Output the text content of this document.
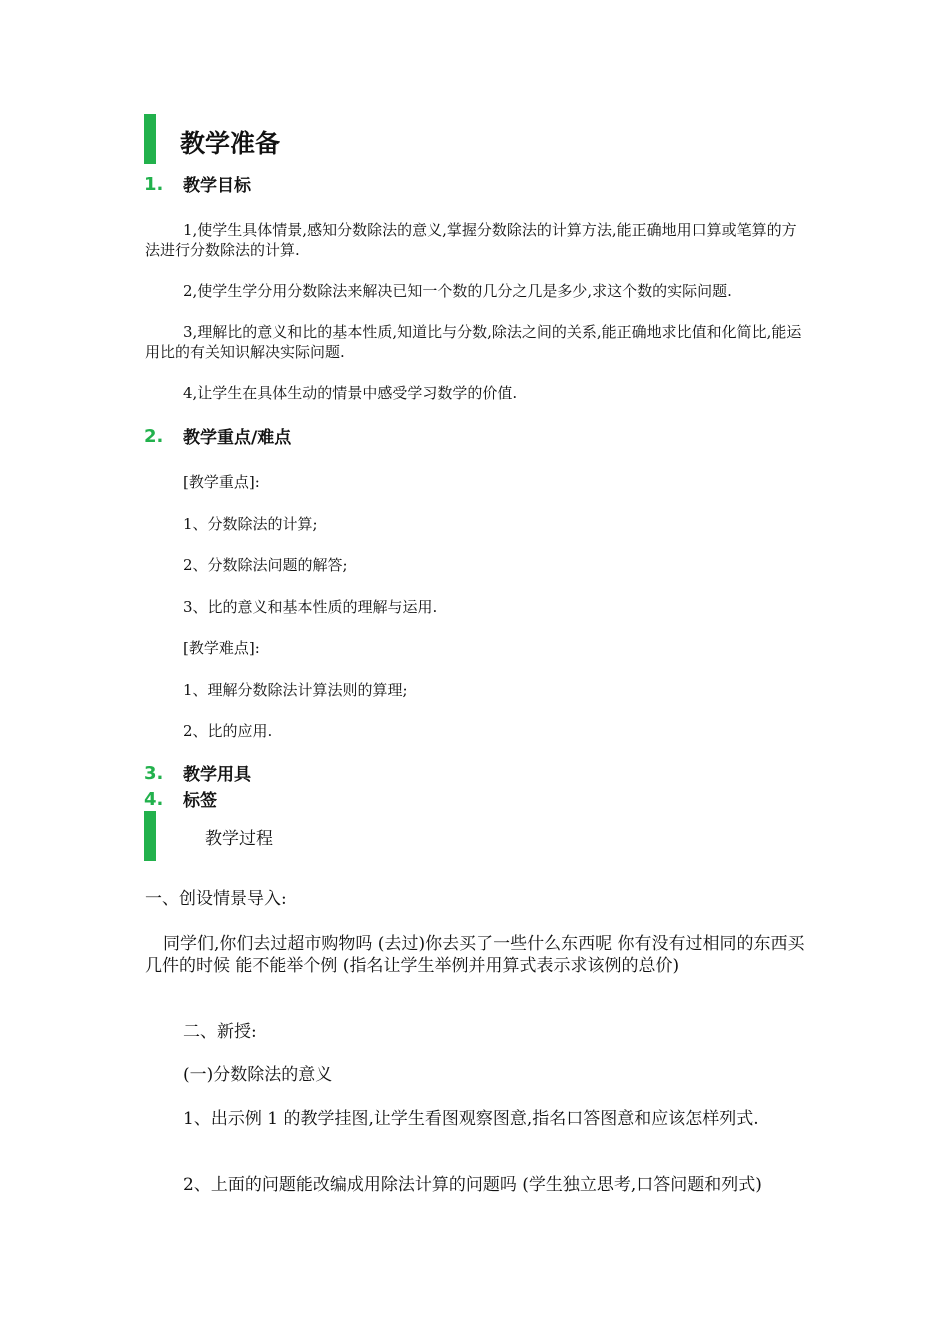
教学准备
1. 教学目标
1,使学生具体情景,感知分数除法的意义,掌握分数除法的计算方法,能正确地用口算或笔算的方法进行分数除法的计算.
2,使学生学分用分数除法来解决已知一个数的几分之几是多少,求这个数的实际问题.
3,理解比的意义和比的基本性质,知道比与分数,除法之间的关系,能正确地求比值和化简比,能运用比的有关知识解决实际问题.
4,让学生在具体生动的情景中感受学习数学的价值.
2. 教学重点/难点
[教学重点]:
1、分数除法的计算;
2、分数除法问题的解答;
3、比的意义和基本性质的理解与运用.
[教学难点]:
1、理解分数除法计算法则的算理;
2、比的应用.
3. 教学用具
4. 标签
教学过程
一、创设情景导入:
同学们,你们去过超市购物吗 (去过)你去买了一些什么东西呢 你有没有过相同的东西买几件的时候 能不能举个例 (指名让学生举例并用算式表示求该例的总价)
二、新授:
(一)分数除法的意义
1、出示例 1 的教学挂图,让学生看图观察图意,指名口答图意和应该怎样列式.
2、上面的问题能改编成用除法计算的问题吗 (学生独立思考,口答问题和列式)
